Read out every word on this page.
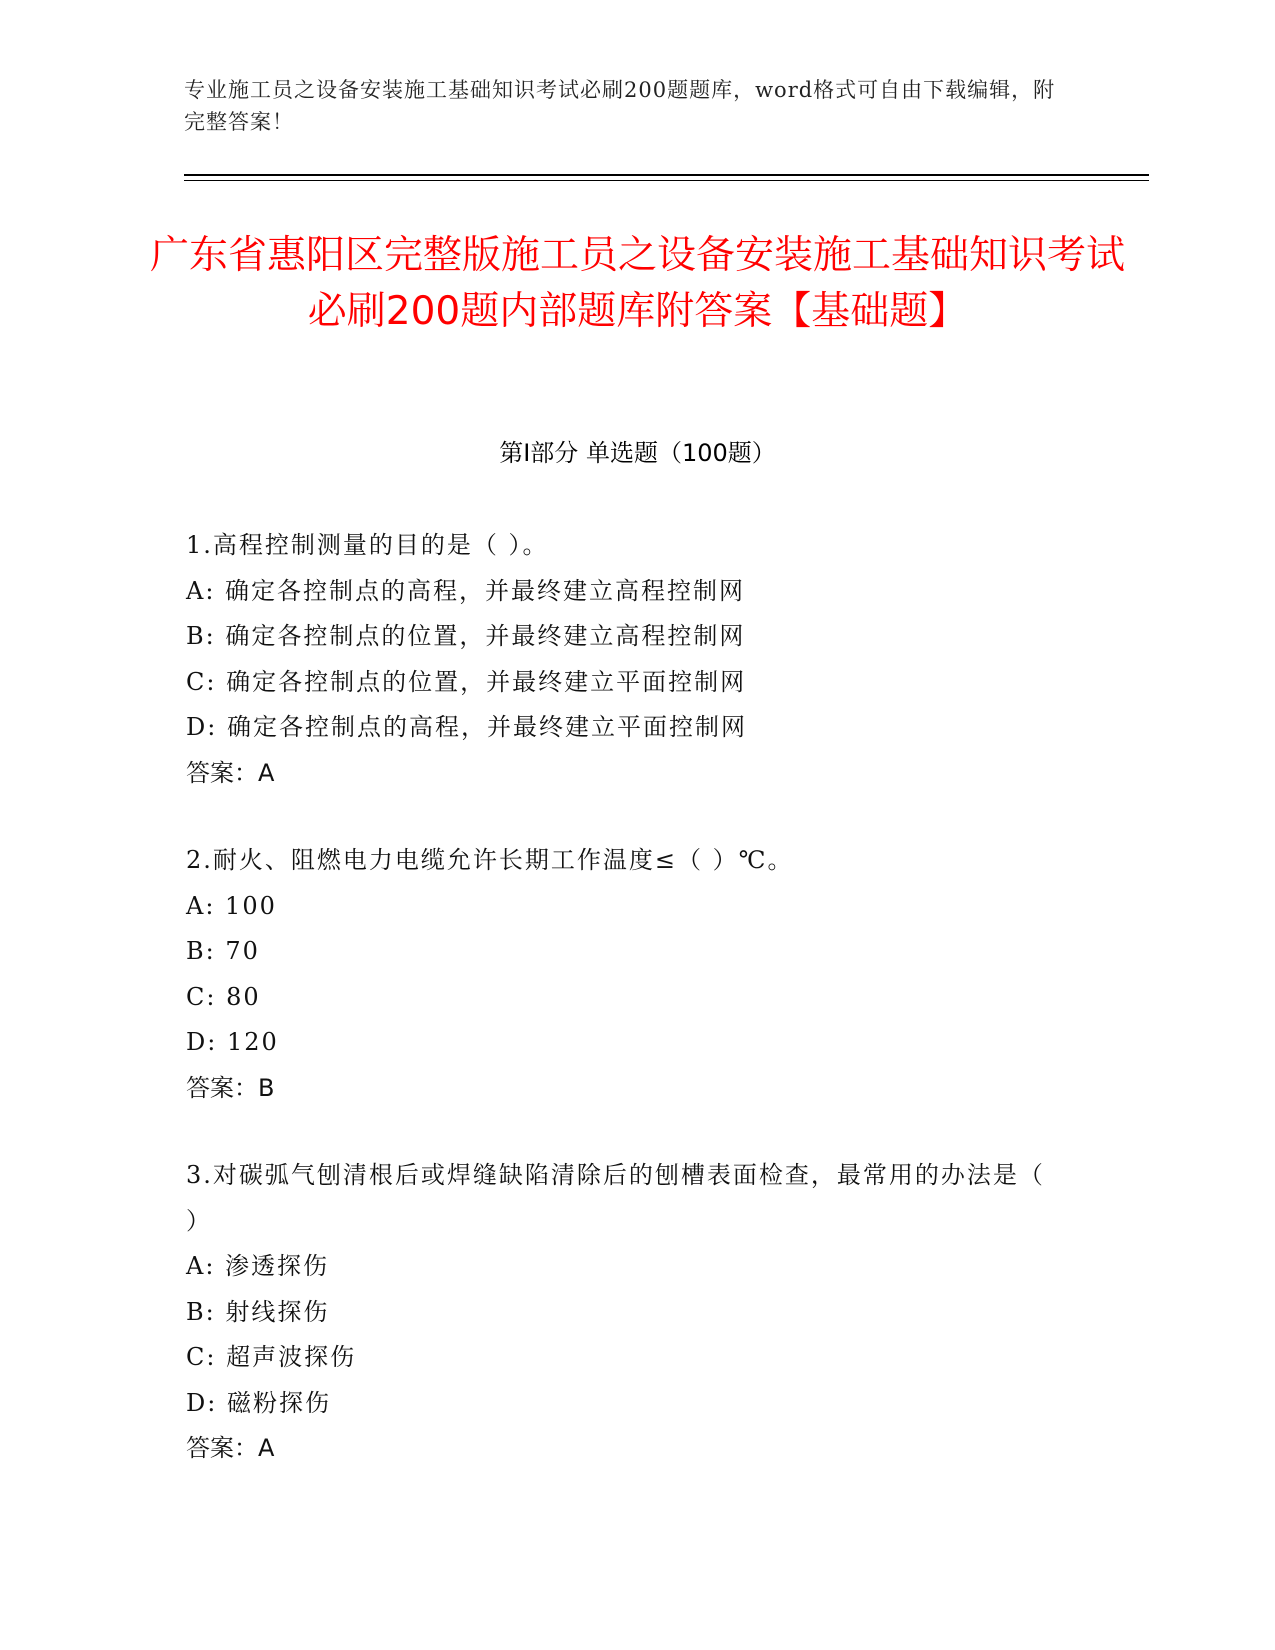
专业施工员之设备安装施工基础知识考试必刷200题题库，word格式可自由下载编辑，附完整答案！

广东省惠阳区完整版施工员之设备安装施工基础知识考试必刷200题内部题库附答案【基础题】
第Ⅰ部分 单选题（100题）

1.高程控制测量的目的是（ ）。

A: 确定各控制点的高程，并最终建立高程控制网

B: 确定各控制点的位置，并最终建立高程控制网

C: 确定各控制点的位置，并最终建立平面控制网

D: 确定各控制点的高程，并最终建立平面控制网

答案：A

2.耐火、阻燃电力电缆允许长期工作温度≤（ ）℃。

A: 100

B: 70

C: 80

D: 120

答案：B

3.对碳弧气刨清根后或焊缝缺陷清除后的刨槽表面检查，最常用的办法是（ ）

A: 渗透探伤

B: 射线探伤

C: 超声波探伤

D: 磁粉探伤

答案：A
